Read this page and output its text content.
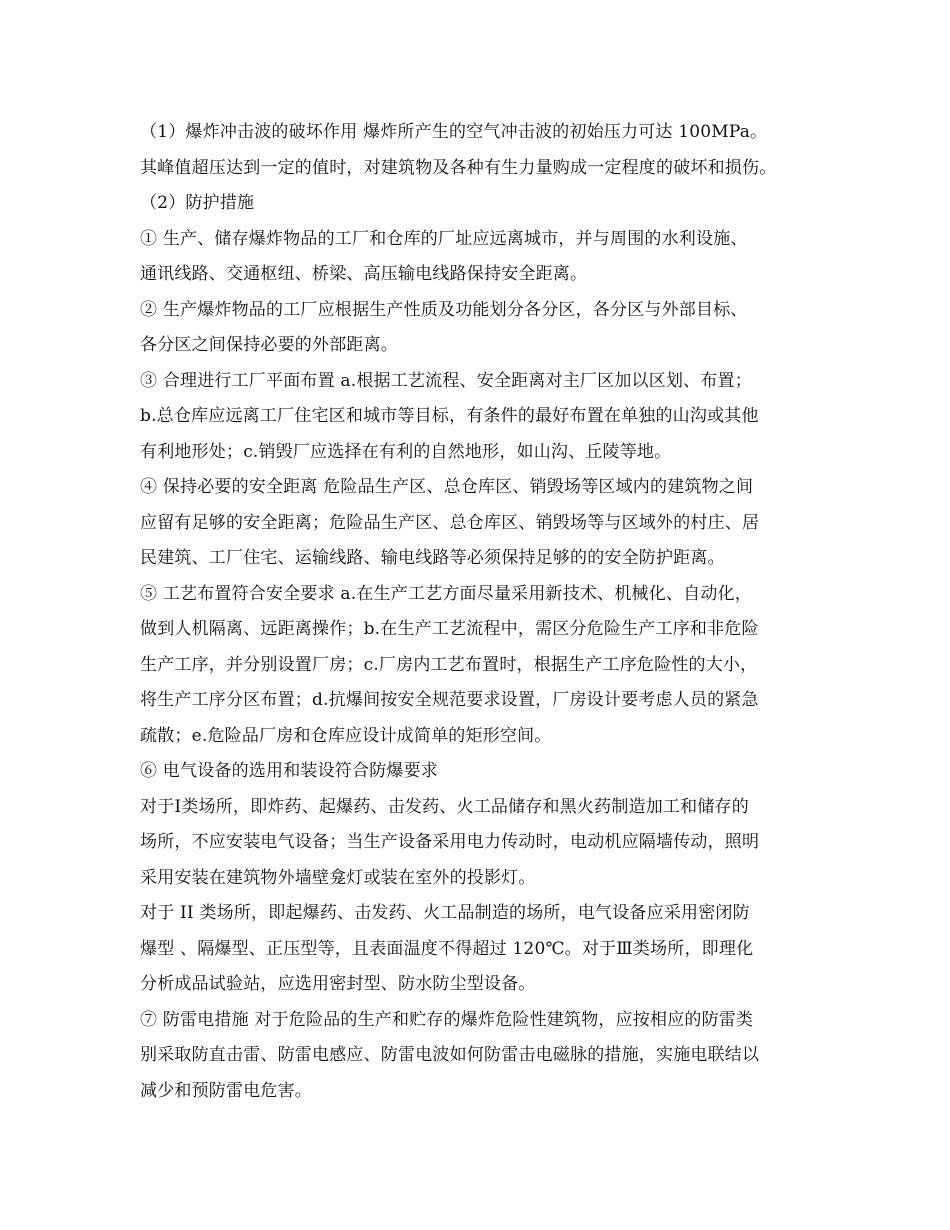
（1）爆炸冲击波的破坏作用 爆炸所产生的空气冲击波的初始压力可达 100MPa。
其峰值超压达到一定的值时，对建筑物及各种有生力量购成一定程度的破坏和损伤。
（2）防护措施
① 生产、储存爆炸物品的工厂和仓库的厂址应远离城市，并与周围的水利设施、
通讯线路、交通枢纽、桥梁、高压输电线路保持安全距离。
② 生产爆炸物品的工厂应根据生产性质及功能划分各分区，各分区与外部目标、
各分区之间保持必要的外部距离。
③ 合理进行工厂平面布置 a.根据工艺流程、安全距离对主厂区加以区划、布置；
b.总仓库应远离工厂住宅区和城市等目标，有条件的最好布置在单独的山沟或其他
有利地形处；c.销毁厂应选择在有利的自然地形，如山沟、丘陵等地。
④ 保持必要的安全距离 危险品生产区、总仓库区、销毁场等区域内的建筑物之间
应留有足够的安全距离；危险品生产区、总仓库区、销毁场等与区域外的村庄、居
民建筑、工厂住宅、运输线路、输电线路等必须保持足够的的安全防护距离。
⑤ 工艺布置符合安全要求 a.在生产工艺方面尽量采用新技术、机械化、自动化，
做到人机隔离、远距离操作；b.在生产工艺流程中，需区分危险生产工序和非危险
生产工序，并分别设置厂房；c.厂房内工艺布置时，根据生产工序危险性的大小，
将生产工序分区布置；d.抗爆间按安全规范要求设置，厂房设计要考虑人员的紧急
疏散；e.危险品厂房和仓库应设计成简单的矩形空间。
⑥ 电气设备的选用和装设符合防爆要求
对于Ⅰ类场所，即炸药、起爆药、击发药、火工品储存和黑火药制造加工和储存的
场所，不应安装电气设备；当生产设备采用电力传动时，电动机应隔墙传动，照明
采用安装在建筑物外墙壁龛灯或装在室外的投影灯。
对于 II 类场所，即起爆药、击发药、火工品制造的场所，电气设备应采用密闭防
爆型 、隔爆型、正压型等，且表面温度不得超过 120℃。对于Ⅲ类场所，即理化
分析成品试验站，应选用密封型、防水防尘型设备。
⑦ 防雷电措施 对于危险品的生产和贮存的爆炸危险性建筑物，应按相应的防雷类
别采取防直击雷、防雷电感应、防雷电波如何防雷击电磁脉的措施，实施电联结以
减少和预防雷电危害。
